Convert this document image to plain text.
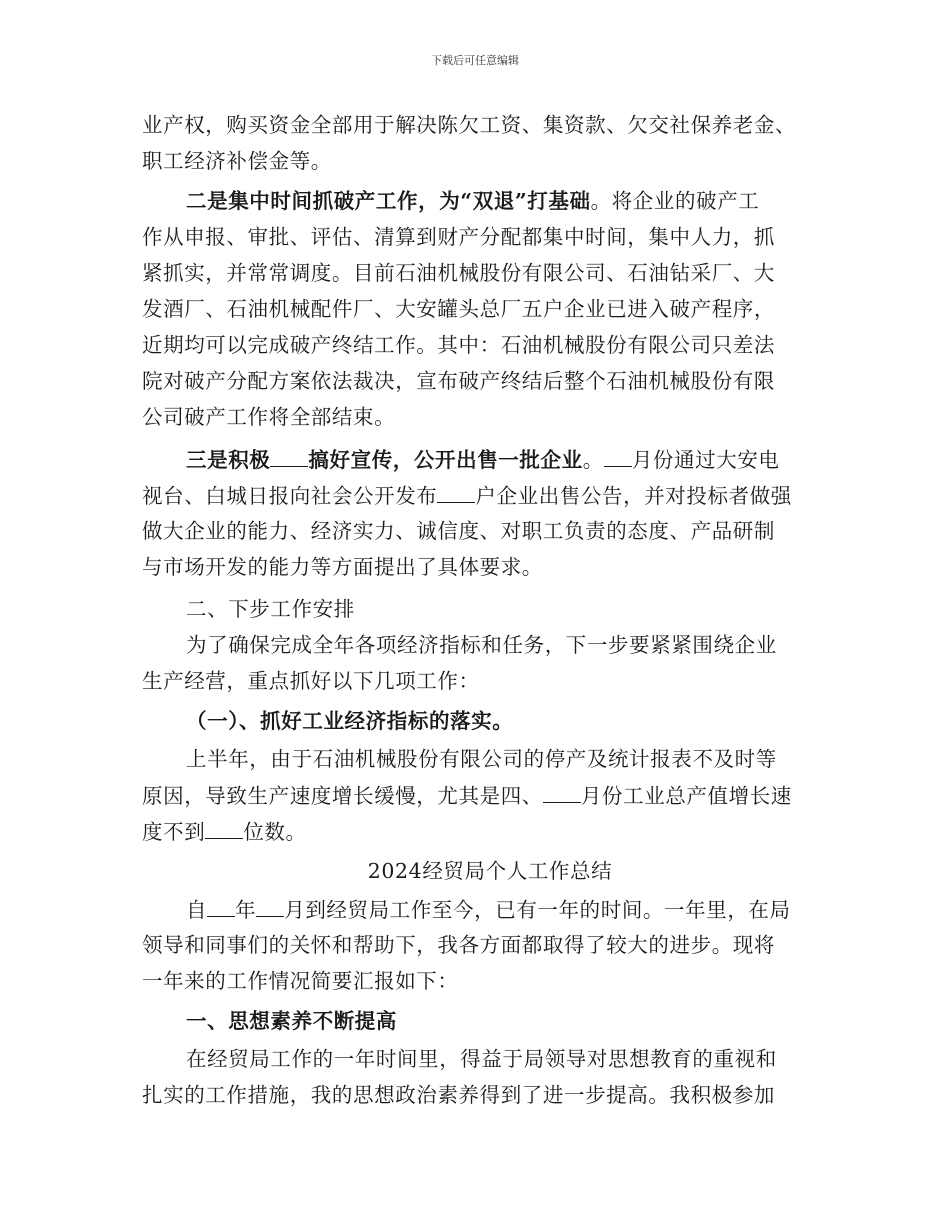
下载后可任意编辑
业产权，购买资金全部用于解决陈欠工资、集资款、欠交社保养老金、
职工经济补偿金等。
二是集中时间抓破产工作，为“双退”打基础。将企业的破产工
作从申报、审批、评估、清算到财产分配都集中时间，集中人力，抓
紧抓实，并常常调度。目前石油机械股份有限公司、石油钻采厂、大
发酒厂、石油机械配件厂、大安罐头总厂五户企业已进入破产程序，
近期均可以完成破产终结工作。其中：石油机械股份有限公司只差法
院对破产分配方案依法裁决，宣布破产终结后整个石油机械股份有限
公司破产工作将全部结束。
三是积极 搞好宣传，公开出售一批企业。 月份通过大安电
视台、白城日报向社会公开发布 户企业出售公告，并对投标者做强
做大企业的能力、经济实力、诚信度、对职工负责的态度、产品研制
与市场开发的能力等方面提出了具体要求。
二、下步工作安排
为了确保完成全年各项经济指标和任务，下一步要紧紧围绕企业
生产经营，重点抓好以下几项工作：
（一）、抓好工业经济指标的落实。
上半年，由于石油机械股份有限公司的停产及统计报表不及时等
原因，导致生产速度增长缓慢，尤其是四、 月份工业总产值增长速
度不到 位数。
2024经贸局个人工作总结
自 年 月到经贸局工作至今，已有一年的时间。一年里，在局
领导和同事们的关怀和帮助下，我各方面都取得了较大的进步。现将
一年来的工作情况简要汇报如下：
一、思想素养不断提高
在经贸局工作的一年时间里，得益于局领导对思想教育的重视和
扎实的工作措施，我的思想政治素养得到了进一步提高。我积极参加
